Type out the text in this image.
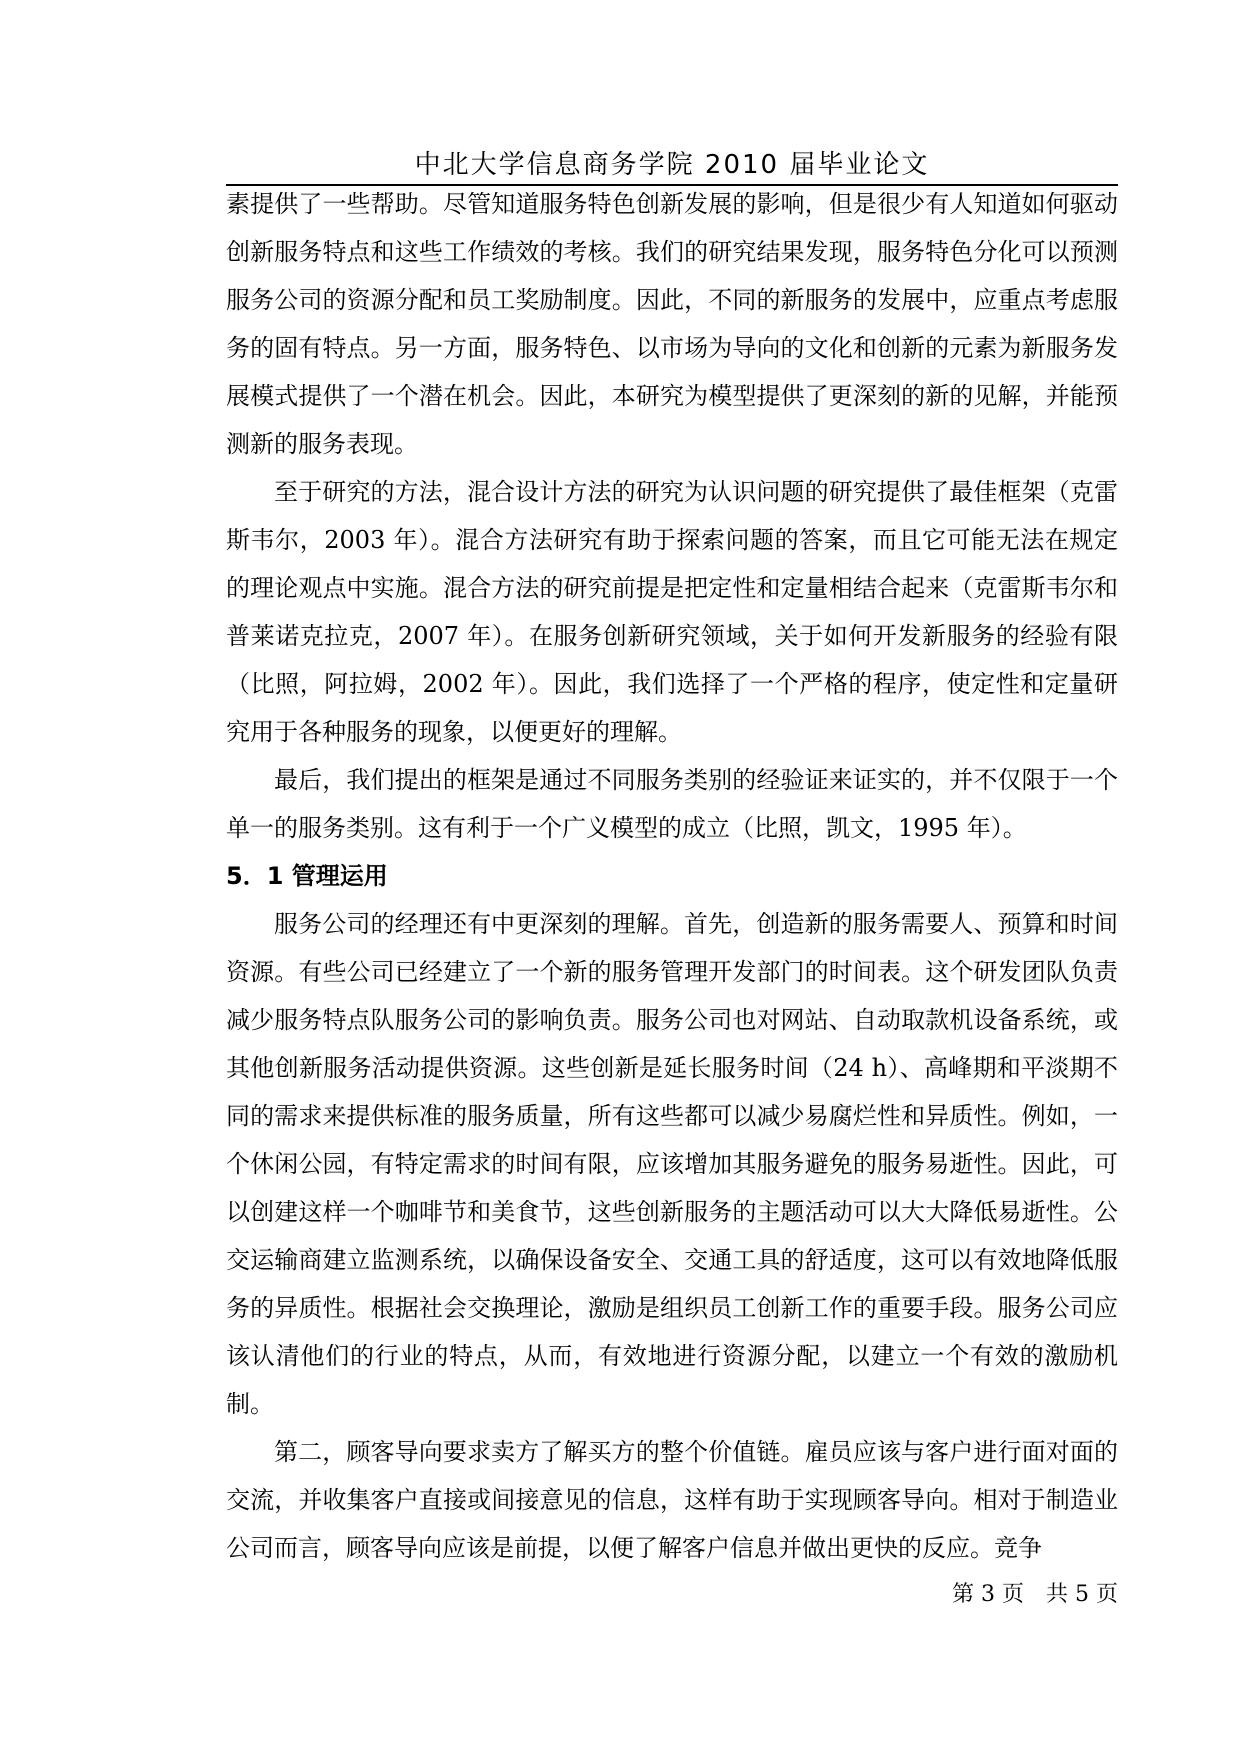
中北大学信息商务学院 2010 届毕业论文

素提供了一些帮助。尽管知道服务特色创新发展的影响，但是很少有人知道如何驱动创新服务特点和这些工作绩效的考核。我们的研究结果发现，服务特色分化可以预测服务公司的资源分配和员工奖励制度。因此，不同的新服务的发展中，应重点考虑服务的固有特点。另一方面，服务特色、以市场为导向的文化和创新的元素为新服务发展模式提供了一个潜在机会。因此，本研究为模型提供了更深刻的新的见解，并能预测新的服务表现。

至于研究的方法，混合设计方法的研究为认识问题的研究提供了最佳框架（克雷斯韦尔，2003 年）。混合方法研究有助于探索问题的答案，而且它可能无法在规定的理论观点中实施。混合方法的研究前提是把定性和定量相结合起来（克雷斯韦尔和普莱诺克拉克，2007 年）。在服务创新研究领域，关于如何开发新服务的经验有限（比照，阿拉姆，2002 年）。因此，我们选择了一个严格的程序，使定性和定量研究用于各种服务的现象，以便更好的理解。

最后，我们提出的框架是通过不同服务类别的经验证来证实的，并不仅限于一个单一的服务类别。这有利于一个广义模型的成立（比照，凯文，1995 年）。

5．1 管理运用

服务公司的经理还有中更深刻的理解。首先，创造新的服务需要人、预算和时间资源。有些公司已经建立了一个新的服务管理开发部门的时间表。这个研发团队负责减少服务特点队服务公司的影响负责。服务公司也对网站、自动取款机设备系统，或其他创新服务活动提供资源。这些创新是延长服务时间（24 h）、高峰期和平淡期不同的需求来提供标准的服务质量，所有这些都可以减少易腐烂性和异质性。例如，一个休闲公园，有特定需求的时间有限，应该增加其服务避免的服务易逝性。因此，可以创建这样一个咖啡节和美食节，这些创新服务的主题活动可以大大降低易逝性。公交运输商建立监测系统，以确保设备安全、交通工具的舒适度，这可以有效地降低服务的异质性。根据社会交换理论，激励是组织员工创新工作的重要手段。服务公司应该认清他们的行业的特点，从而，有效地进行资源分配，以建立一个有效的激励机制。

第二，顾客导向要求卖方了解买方的整个价值链。雇员应该与客户进行面对面的交流，并收集客户直接或间接意见的信息，这样有助于实现顾客导向。相对于制造业公司而言，顾客导向应该是前提，以便了解客户信息并做出更快的反应。竞争

第 3 页　共 5 页
